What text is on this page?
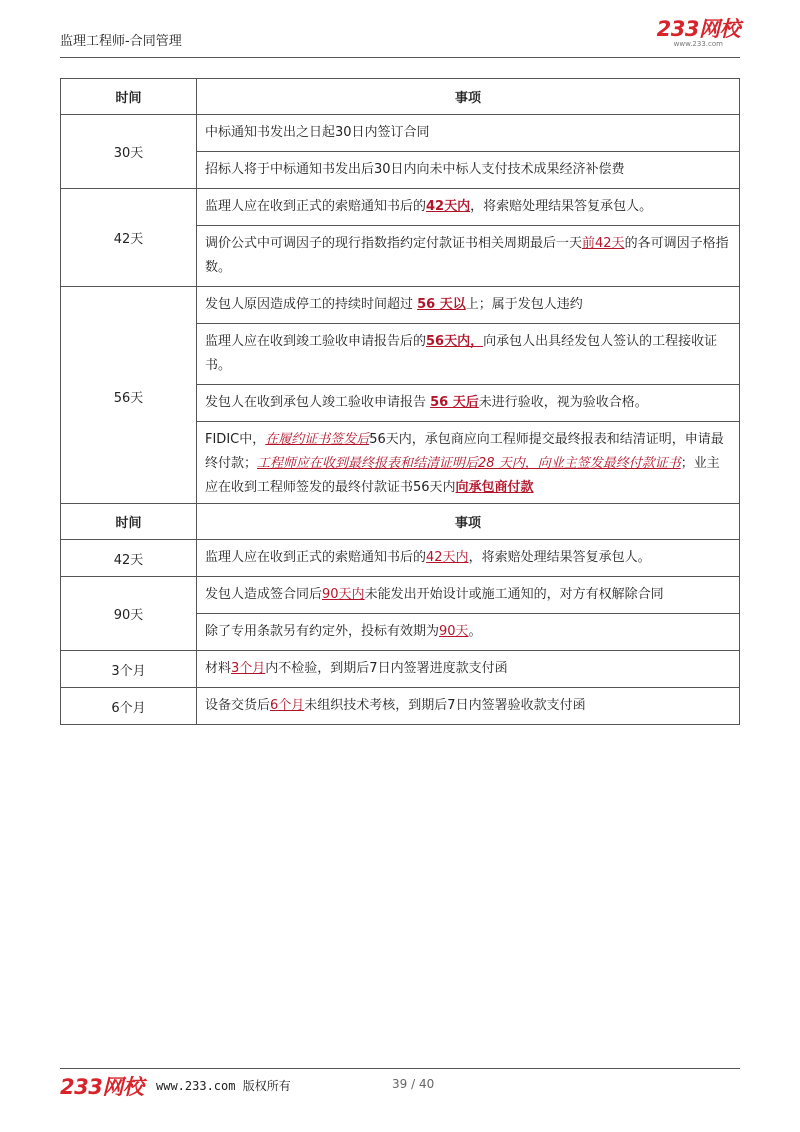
监理工程师-合同管理
233网校
www.233.com
时间	事项
30天	中标通知书发出之日起30日内签订合同
	招标人将于中标通知书发出后30日内向未中标人支付技术成果经济补偿费
42天	监理人应在收到正式的索赔通知书后的42天内，将索赔处理结果答复承包人。
	调价公式中可调因子的现行指数指约定付款证书相关周期最后一天前42天的各可调因子格指数。
56天	发包人原因造成停工的持续时间超过 56 天以上；属于发包人违约
	监理人应在收到竣工验收申请报告后的56天内，向承包人出具经发包人签认的工程接收证书。
	发包人在收到承包人竣工验收申请报告 56 天后未进行验收，视为验收合格。
	FIDIC中，在履约证书签发后56天内，承包商应向工程师提交最终报表和结清证明，申请最终付款；工程师应在收到最终报表和结清证明后28 天内，向业主签发最终付款证书；业主应在收到工程师签发的最终付款证书56天内向承包商付款
时间	事项
42天	监理人应在收到正式的索赔通知书后的42天内，将索赔处理结果答复承包人。
90天	发包人造成签合同后90天内未能发出开始设计或施工通知的，对方有权解除合同
	除了专用条款另有约定外，投标有效期为90天。
3个月	材料3个月内不检验，到期后7日内签署进度款支付函
6个月	设备交货后6个月未组织技术考核，到期后7日内签署验收款支付函
233网校 www.233.com 版权所有	39 / 40
